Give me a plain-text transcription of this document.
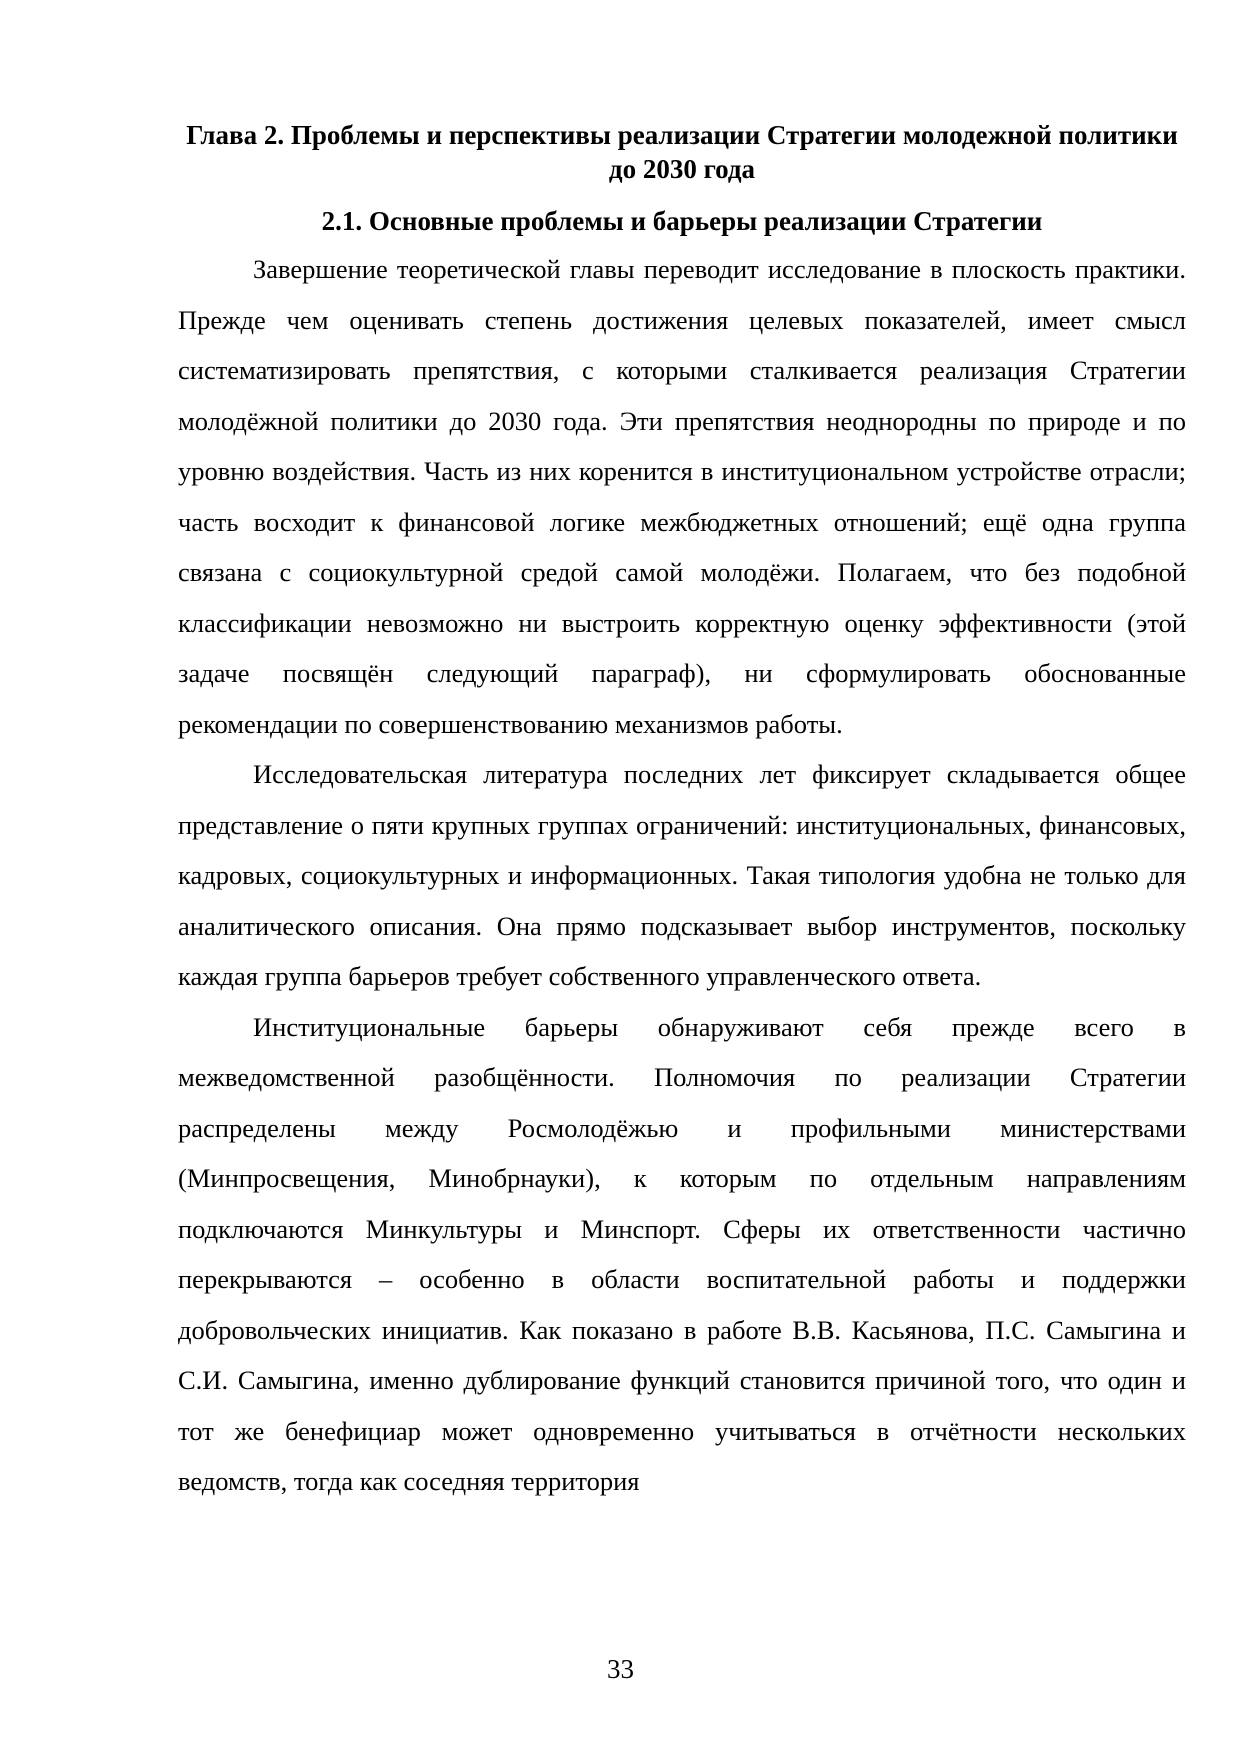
Глава 2. Проблемы и перспективы реализации Стратегии молодежной политики до 2030 года
2.1. Основные проблемы и барьеры реализации Стратегии

Завершение теоретической главы переводит исследование в плоскость практики. Прежде чем оценивать степень достижения целевых показателей, имеет смысл систематизировать препятствия, с которыми сталкивается реализация Стратегии молодёжной политики до 2030 года. Эти препятствия неоднородны по природе и по уровню воздействия. Часть из них коренится в институциональном устройстве отрасли; часть восходит к финансовой логике межбюджетных отношений; ещё одна группа связана с социокультурной средой самой молодёжи. Полагаем, что без подобной классификации невозможно ни выстроить корректную оценку эффективности (этой задаче посвящён следующий параграф), ни сформулировать обоснованные рекомендации по совершенствованию механизмов работы.

Исследовательская литература последних лет фиксирует складывается общее представление о пяти крупных группах ограничений: институциональных, финансовых, кадровых, социокультурных и информационных. Такая типология удобна не только для аналитического описания. Она прямо подсказывает выбор инструментов, поскольку каждая группа барьеров требует собственного управленческого ответа.

Институциональные барьеры обнаруживают себя прежде всего в межведомственной разобщённости. Полномочия по реализации Стратегии распределены между Росмолодёжью и профильными министерствами (Минпросвещения, Минобрнауки), к которым по отдельным направлениям подключаются Минкультуры и Минспорт. Сферы их ответственности частично перекрываются – особенно в области воспитательной работы и поддержки добровольческих инициатив. Как показано в работе В.В. Касьянова, П.С. Самыгина и С.И. Самыгина, именно дублирование функций становится причиной того, что один и тот же бенефициар может одновременно учитываться в отчётности нескольких ведомств, тогда как соседняя территория

33
